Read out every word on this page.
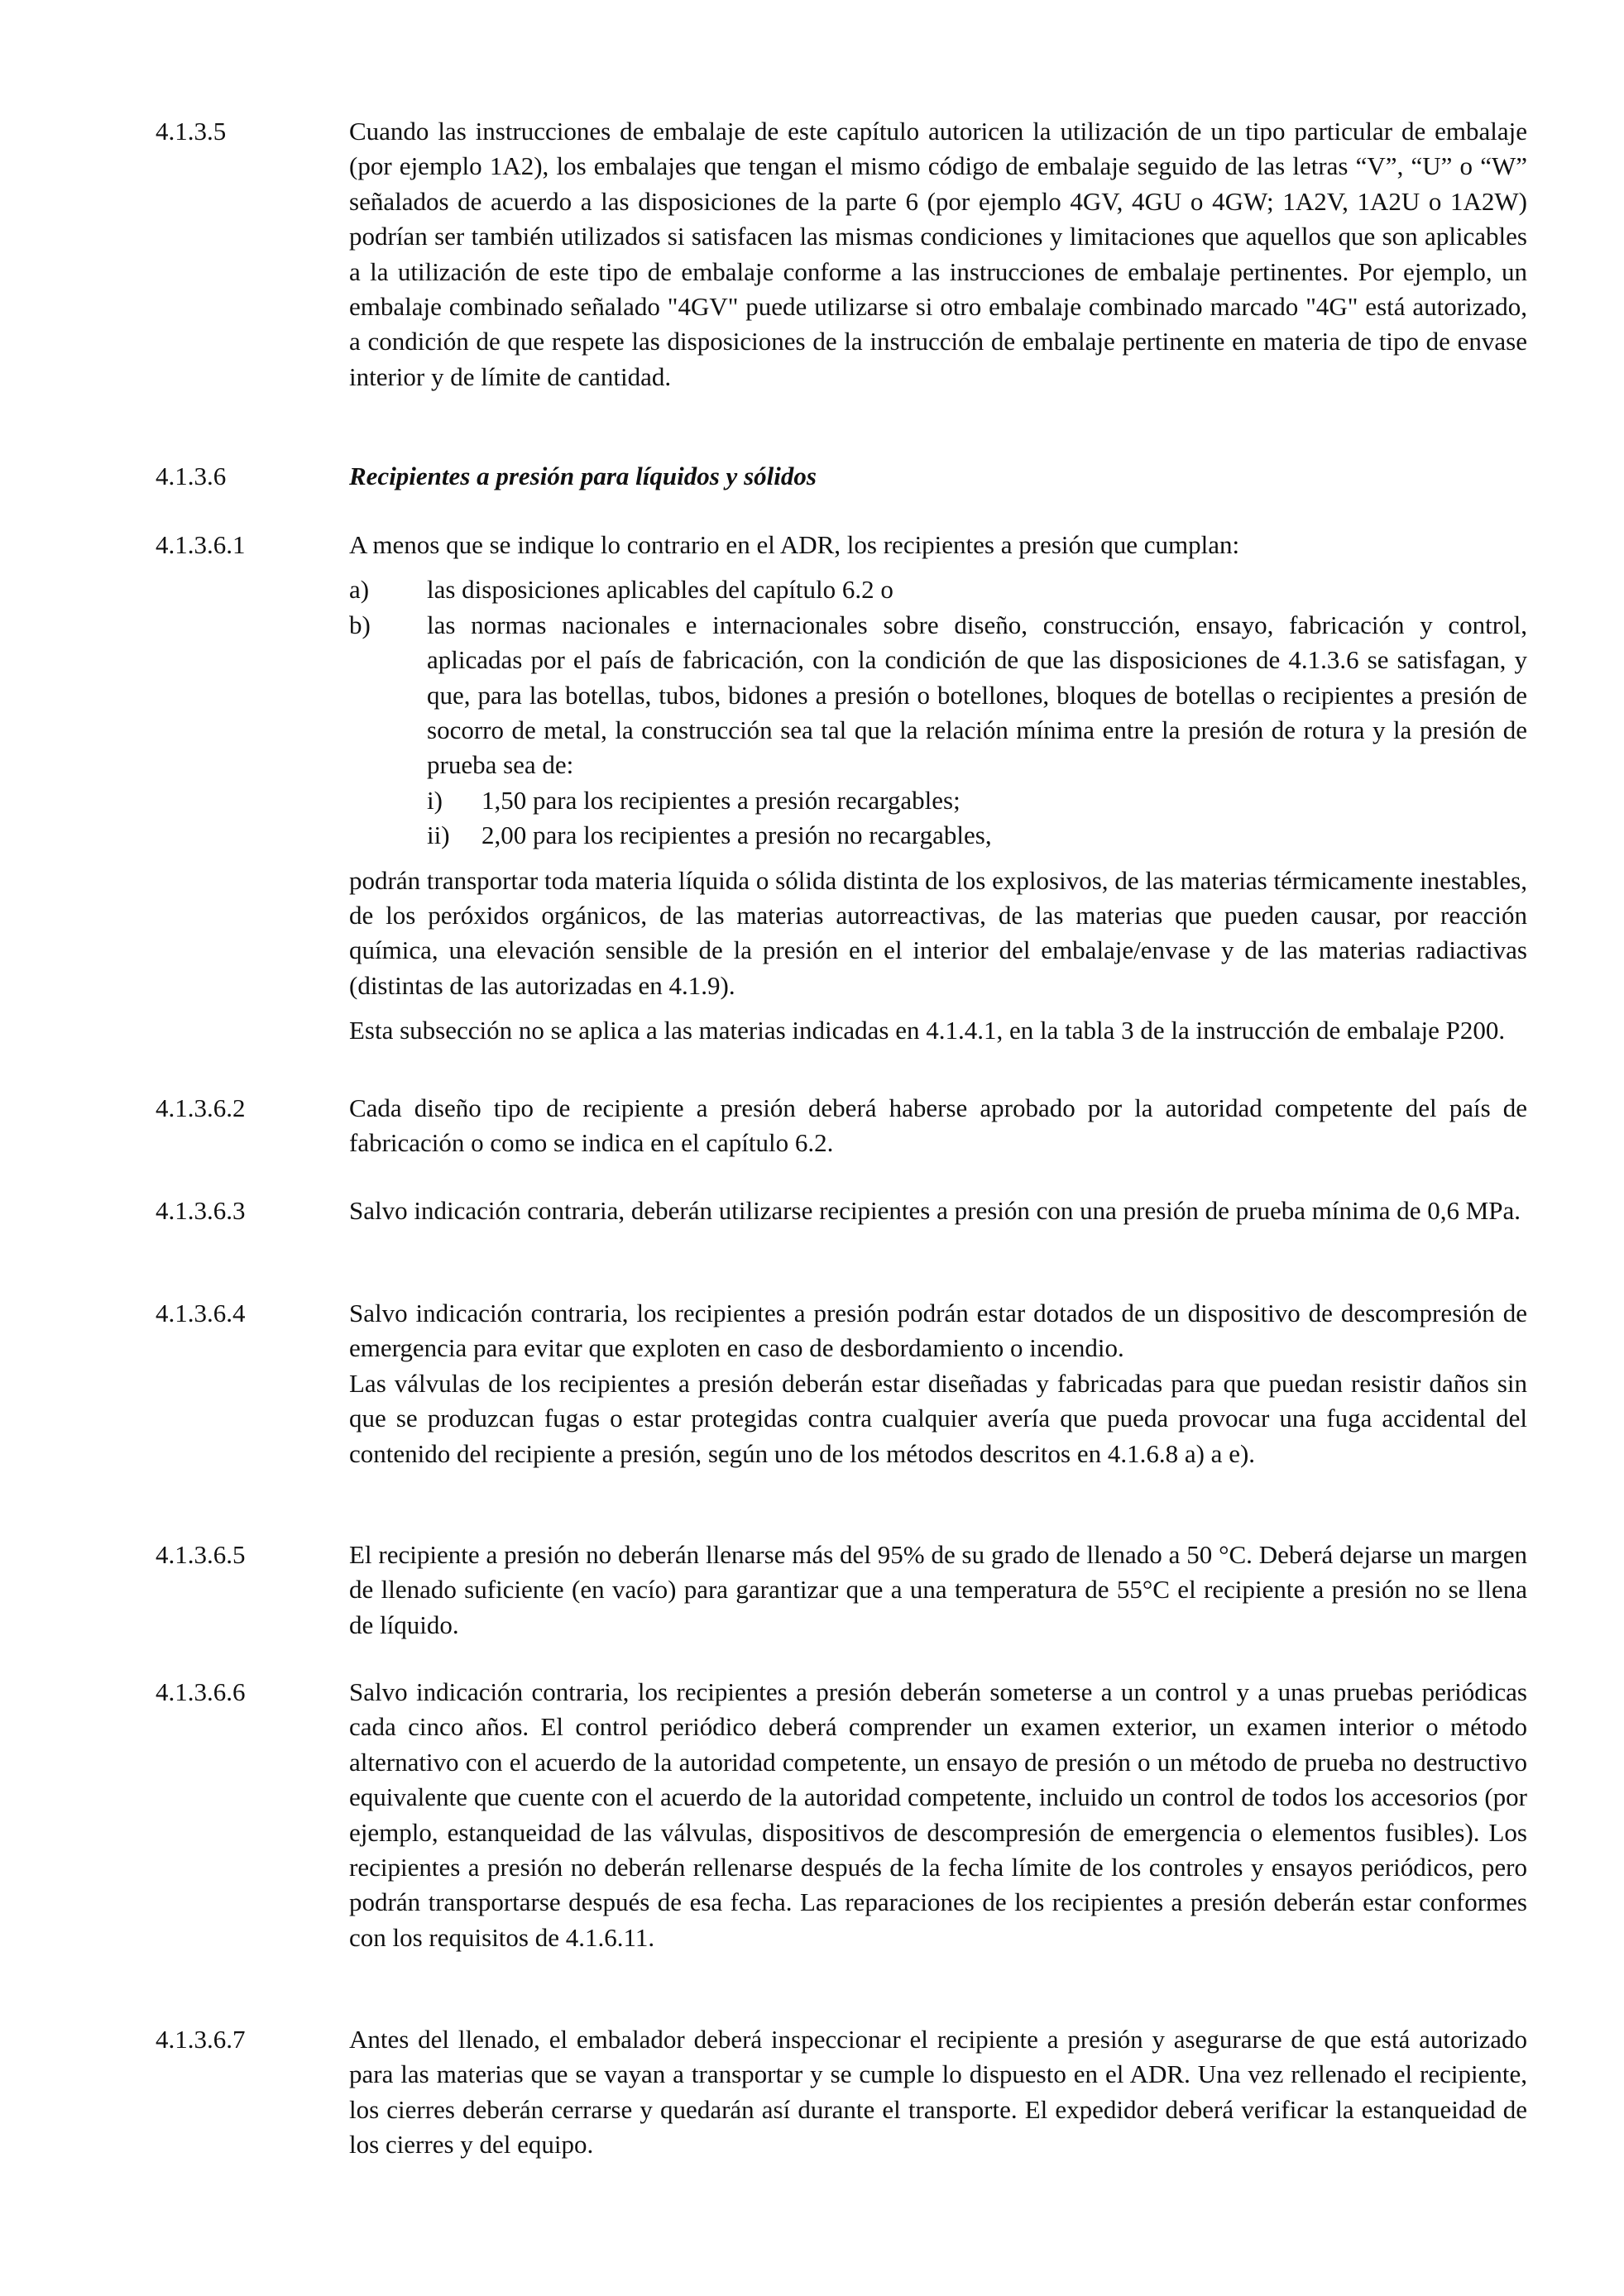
4.1.3.5	Cuando las instrucciones de embalaje de este capítulo autoricen la utilización de un tipo particular de embalaje (por ejemplo 1A2), los embalajes que tengan el mismo código de embalaje seguido de las letras “V”, “U” o “W” señalados de acuerdo a las disposiciones de la parte 6 (por ejemplo 4GV, 4GU o 4GW; 1A2V, 1A2U o 1A2W) podrían ser también utilizados si satisfacen las mismas condiciones y limitaciones que aquellos que son aplicables a la utilización de este tipo de embalaje conforme a las instrucciones de embalaje pertinentes. Por ejemplo, un embalaje combinado señalado "4GV" puede utilizarse si otro embalaje combinado marcado "4G" está autorizado, a condición de que respete las disposiciones de la instrucción de embalaje pertinente en materia de tipo de envase interior y de límite de cantidad.

4.1.3.6	Recipientes a presión para líquidos y sólidos
4.1.3.6.1	A menos que se indique lo contrario en el ADR, los recipientes a presión que cumplan:

a) las disposiciones aplicables del capítulo 6.2 o
b) las normas nacionales e internacionales sobre diseño, construcción, ensayo, fabricación y control, aplicadas por el país de fabricación, con la condición de que las disposiciones de 4.1.3.6 se satisfagan, y que, para las botellas, tubos, bidones a presión o botellones, bloques de botellas o recipientes a presión de socorro de metal, la construcción sea tal que la relación mínima entre la presión de rotura y la presión de prueba sea de:
i) 1,50 para los recipientes a presión recargables;
ii) 2,00 para los recipientes a presión no recargables,

podrán transportar toda materia líquida o sólida distinta de los explosivos, de las materias térmicamente inestables, de los peróxidos orgánicos, de las materias autorreactivas, de las materias que pueden causar, por reacción química, una elevación sensible de la presión en el interior del embalaje/envase y de las materias radiactivas (distintas de las autorizadas en 4.1.9).

Esta subsección no se aplica a las materias indicadas en 4.1.4.1, en la tabla 3 de la instrucción de embalaje P200.

4.1.3.6.2	Cada diseño tipo de recipiente a presión deberá haberse aprobado por la autoridad competente del país de fabricación o como se indica en el capítulo 6.2.

4.1.3.6.3	Salvo indicación contraria, deberán utilizarse recipientes a presión con una presión de prueba mínima de 0,6 MPa.

4.1.3.6.4	Salvo indicación contraria, los recipientes a presión podrán estar dotados de un dispositivo de descompresión de emergencia para evitar que exploten en caso de desbordamiento o incendio.

Las válvulas de los recipientes a presión deberán estar diseñadas y fabricadas para que puedan resistir daños sin que se produzcan fugas o estar protegidas contra cualquier avería que pueda provocar una fuga accidental del contenido del recipiente a presión, según uno de los métodos descritos en 4.1.6.8 a) a e).

4.1.3.6.5	El recipiente a presión no deberán llenarse más del 95% de su grado de llenado a 50 °C. Deberá dejarse un margen de llenado suficiente (en vacío) para garantizar que a una temperatura de 55°C el recipiente a presión no se llena de líquido.

4.1.3.6.6	Salvo indicación contraria, los recipientes a presión deberán someterse a un control y a unas pruebas periódicas cada cinco años. El control periódico deberá comprender un examen exterior, un examen interior o método alternativo con el acuerdo de la autoridad competente, un ensayo de presión o un método de prueba no destructivo equivalente que cuente con el acuerdo de la autoridad competente, incluido un control de todos los accesorios (por ejemplo, estanqueidad de las válvulas, dispositivos de descompresión de emergencia o elementos fusibles). Los recipientes a presión no deberán rellenarse después de la fecha límite de los controles y ensayos periódicos, pero podrán transportarse después de esa fecha. Las reparaciones de los recipientes a presión deberán estar conformes con los requisitos de 4.1.6.11.

4.1.3.6.7	Antes del llenado, el embalador deberá inspeccionar el recipiente a presión y asegurarse de que está autorizado para las materias que se vayan a transportar y se cumple lo dispuesto en el ADR. Una vez rellenado el recipiente, los cierres deberán cerrarse y quedarán así durante el transporte. El expedidor deberá verificar la estanqueidad de los cierres y del equipo.
